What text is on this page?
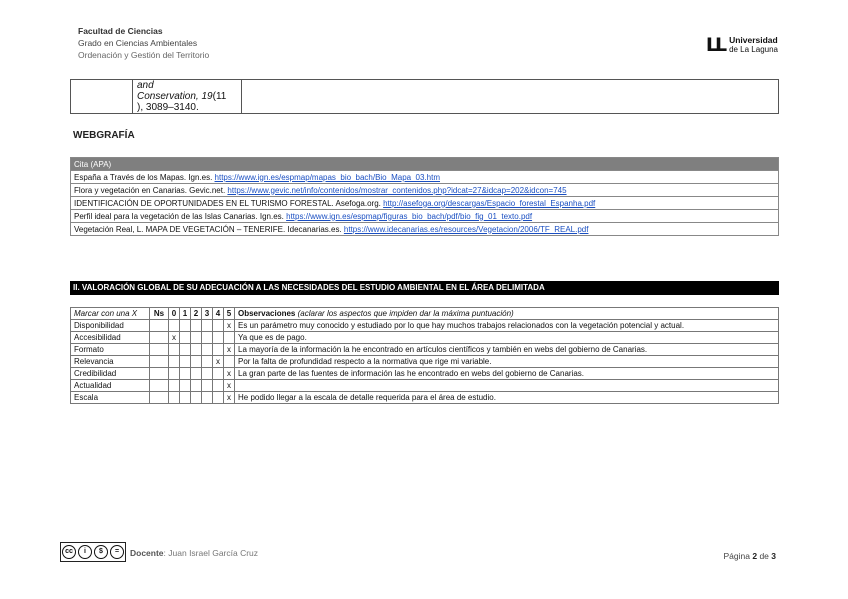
Facultad de Ciencias
Grado en Ciencias Ambientales
Ordenación y Gestión del Territorio	LL Universidad
de La Laguna
	and
Conservation, 19(11
), 3089–3140.	
WEBGRAFÍA
Cita (APA)
España a Través de los Mapas. Ign.es. https://www.ign.es/espmap/mapas_bio_bach/Bio_Mapa_03.htm
Flora y vegetación en Canarias. Gevic.net. https://www.gevic.net/info/contenidos/mostrar_contenidos.php?idcat=27&idcap=202&idcon=745
IDENTIFICACIÓN DE OPORTUNIDADES EN EL TURISMO FORESTAL. Asefoga.org. http://asefoga.org/descargas/Espacio_forestal_Espanha.pdf
Perfil ideal para la vegetación de las Islas Canarias. Ign.es. https://www.ign.es/espmap/figuras_bio_bach/pdf/bio_fig_01_texto.pdf
Vegetación Real, L. MAPA DE VEGETACIÓN – TENERIFE. Idecanarias.es. https://www.idecanarias.es/resources/Vegetacion/2006/TF_REAL.pdf
II. VALORACIÓN GLOBAL DE SU ADECUACIÓN A LAS NECESIDADES DEL ESTUDIO AMBIENTAL EN EL ÁREA DELIMITADA
Marcar con una X	Ns	0	1	2	3	4	5	Observaciones (aclarar los aspectos que impiden dar la máxima puntuación)
Disponibilidad							x	Es un parámetro muy conocido y estudiado por lo que hay muchos trabajos relacionados con la vegetación potencial y actual.
Accesibilidad		x						Ya que es de pago.
Formato							x	La mayoría de la información la he encontrado en artículos científicos y también en webs del gobierno de Canarias.
Relevancia						x		Por la falta de profundidad respecto a la normativa que rige mi variable.
Credibilidad							x	La gran parte de las fuentes de información las he encontrado en webs del gobierno de Canarias.
Actualidad							x	
Escala							x	He podido llegar a la escala de detalle requerida para el área de estudio.
cc	i	$	=	Docente: Juan Israel García Cruz	Página 2 de 3
